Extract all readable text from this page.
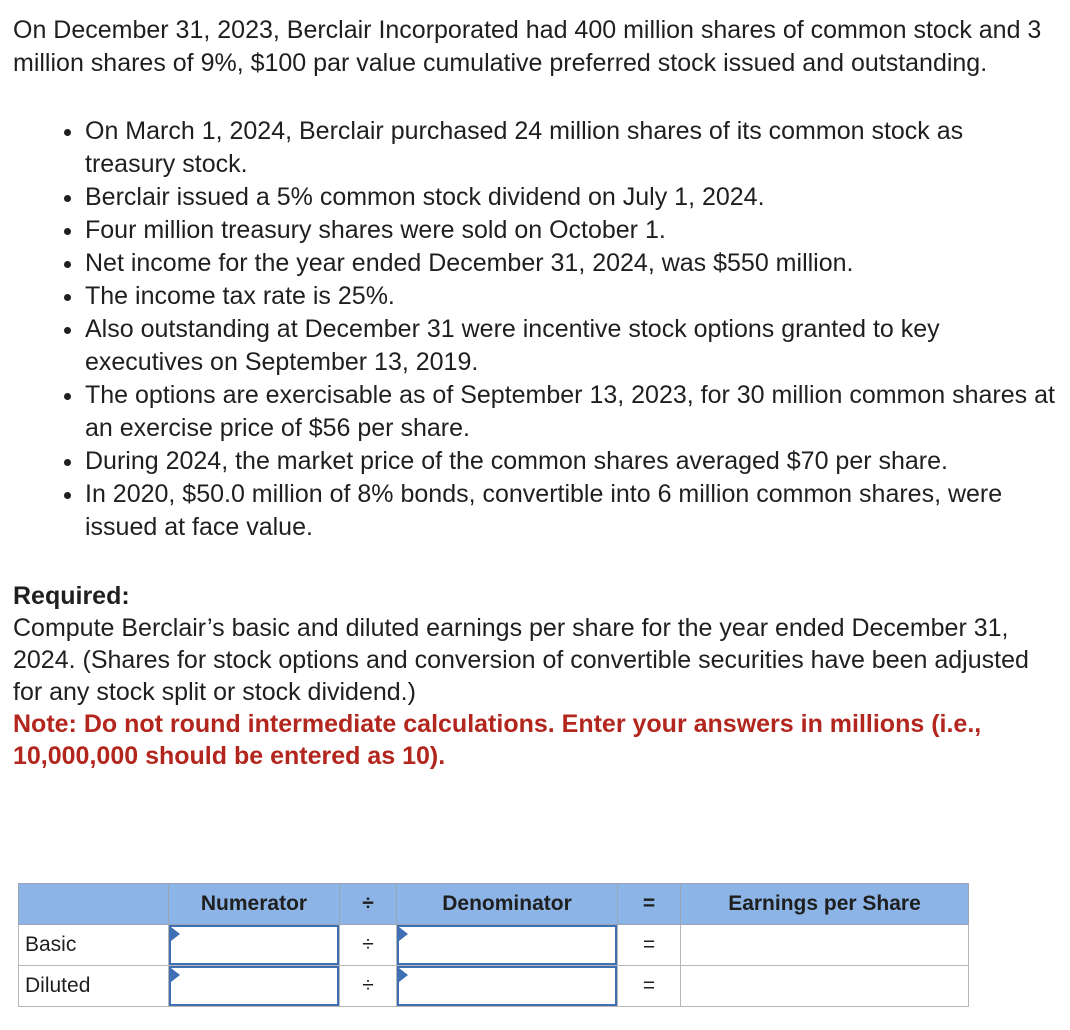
On December 31, 2023, Berclair Incorporated had 400 million shares of common stock and 3 million shares of 9%, $100 par value cumulative preferred stock issued and outstanding.

• On March 1, 2024, Berclair purchased 24 million shares of its common stock as treasury stock.
• Berclair issued a 5% common stock dividend on July 1, 2024.
• Four million treasury shares were sold on October 1.
• Net income for the year ended December 31, 2024, was $550 million.
• The income tax rate is 25%.
• Also outstanding at December 31 were incentive stock options granted to key executives on September 13, 2019.
• The options are exercisable as of September 13, 2023, for 30 million common shares at an exercise price of $56 per share.
• During 2024, the market price of the common shares averaged $70 per share.
• In 2020, $50.0 million of 8% bonds, convertible into 6 million common shares, were issued at face value.

Required:

Compute Berclair’s basic and diluted earnings per share for the year ended December 31, 2024. (Shares for stock options and conversion of convertible securities have been adjusted for any stock split or stock dividend.)

Note: Do not round intermediate calculations. Enter your answers in millions (i.e., 10,000,000 should be entered as 10).

	Numerator	÷	Denominator	=	Earnings per Share
Basic		÷		=	
Diluted		÷		=	
